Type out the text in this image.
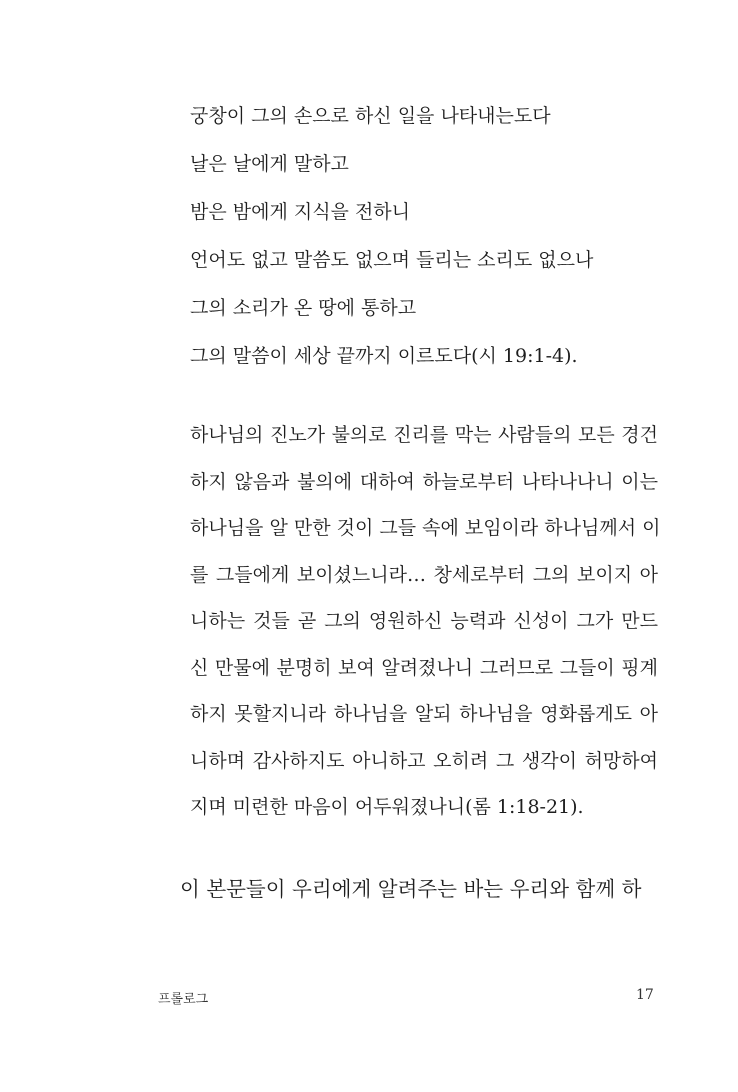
궁창이 그의 손으로 하신 일을 나타내는도다

날은 날에게 말하고

밤은 밤에게 지식을 전하니

언어도 없고 말씀도 없으며 들리는 소리도 없으나

그의 소리가 온 땅에 통하고

그의 말씀이 세상 끝까지 이르도다(시 19:1-4).

하나님의 진노가 불의로 진리를 막는 사람들의 모든 경건

하지 않음과 불의에 대하여 하늘로부터 나타나나니 이는

하나님을 알 만한 것이 그들 속에 보임이라 하나님께서 이

를 그들에게 보이셨느니라… 창세로부터 그의 보이지 아

니하는 것들 곧 그의 영원하신 능력과 신성이 그가 만드

신 만물에 분명히 보여 알려졌나니 그러므로 그들이 핑계

하지 못할지니라 하나님을 알되 하나님을 영화롭게도 아

니하며 감사하지도 아니하고 오히려 그 생각이 허망하여

지며 미련한 마음이 어두워졌나니(롬 1:18-21).

이 본문들이 우리에게 알려주는 바는 우리와 함께 하

프롤로그	17
